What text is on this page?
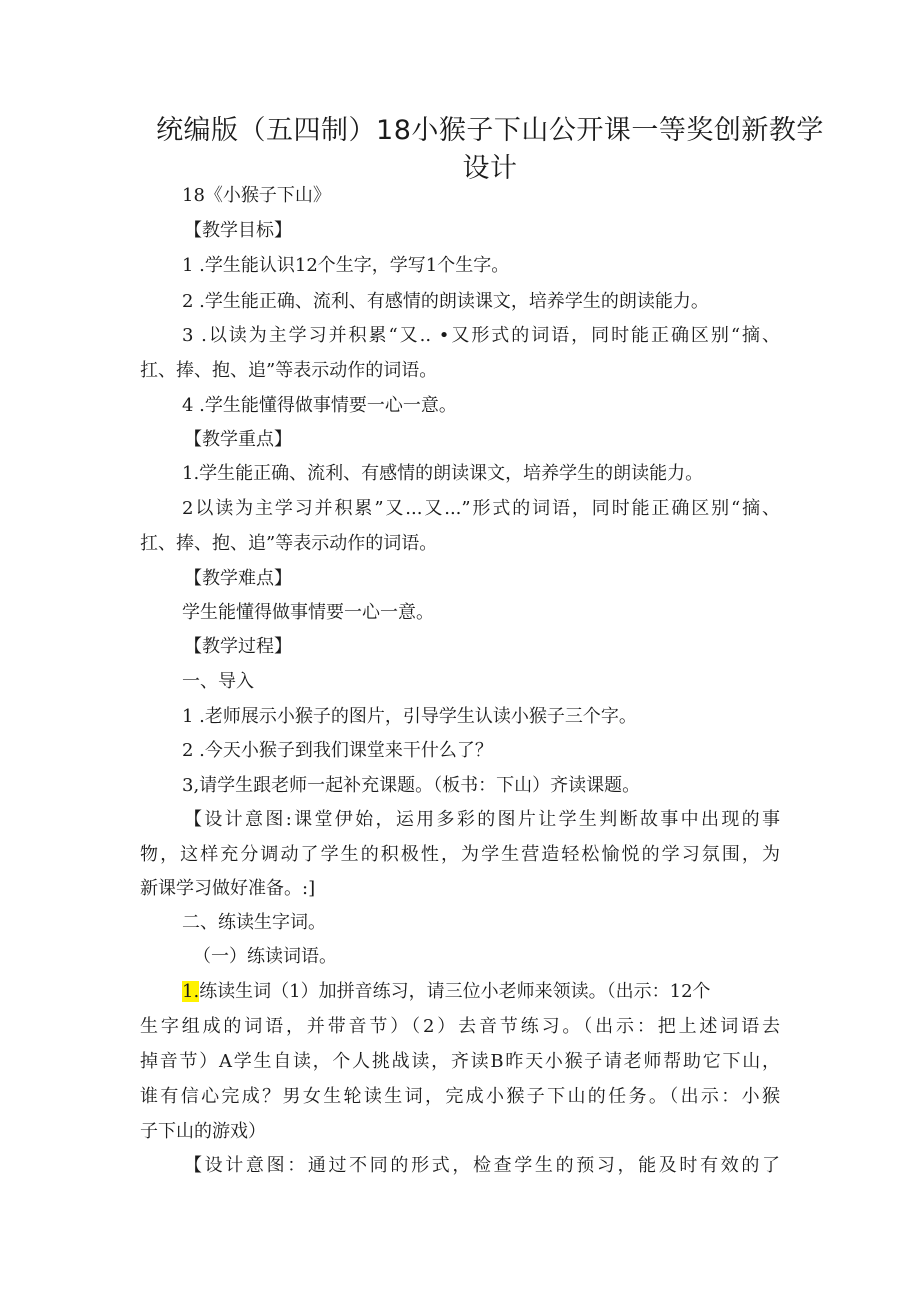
统编版（五四制）18小猴子下山公开课一等奖创新教学
设计
18《小猴子下山》
【教学目标】
1 .学生能认识12个生字，学写1个生字。
2 .学生能正确、流利、有感情的朗读课文，培养学生的朗读能力。
3 .以读为主学习并积累“又.. •又形式的词语，同时能正确区别“摘、
扛、捧、抱、追”等表示动作的词语。
4 .学生能懂得做事情要一心一意。
【教学重点】
1.学生能正确、流利、有感情的朗读课文，培养学生的朗读能力。
2以读为主学习并积累”又...又...”形式的词语，同时能正确区别“摘、
扛、捧、抱、追”等表示动作的词语。
【教学难点】
学生能懂得做事情要一心一意。
【教学过程】
一、导入
1 .老师展示小猴子的图片，引导学生认读小猴子三个字。
2 .今天小猴子到我们课堂来干什么了？
3,请学生跟老师一起补充课题。（板书：下山）齐读课题。
【设计意图:课堂伊始，运用多彩的图片让学生判断故事中出现的事
物，这样充分调动了学生的积极性，为学生营造轻松愉悦的学习氛围，为
新课学习做好准备。:]
二、练读生字词。
（一）练读词语。
1.练读生词（1）加拼音练习，请三位小老师来领读。（出示：12个
生字组成的词语，并带音节）（2）去音节练习。（出示：把上述词语去
掉音节）A学生自读，个人挑战读，齐读B昨天小猴子请老师帮助它下山，
谁有信心完成？男女生轮读生词，完成小猴子下山的任务。（出示：小猴
子下山的游戏）
【设计意图：通过不同的形式，检查学生的预习，能及时有效的了
